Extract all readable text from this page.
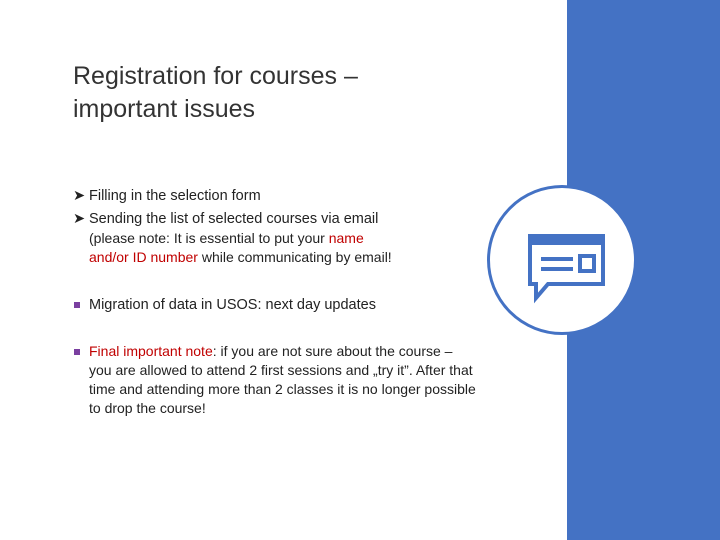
Registration for courses –
important issues
➤ Filling in the selection form
➤ Sending the list of selected courses via email
(please note: It is essential to put your name
and/or ID number while communicating by email!
Migration of data in USOS: next day updates
Final important note: if you are not sure about the course – you are allowed to attend 2 first sessions and „try it”. After that time and attending more than 2 classes it is no longer possible to drop the course!
